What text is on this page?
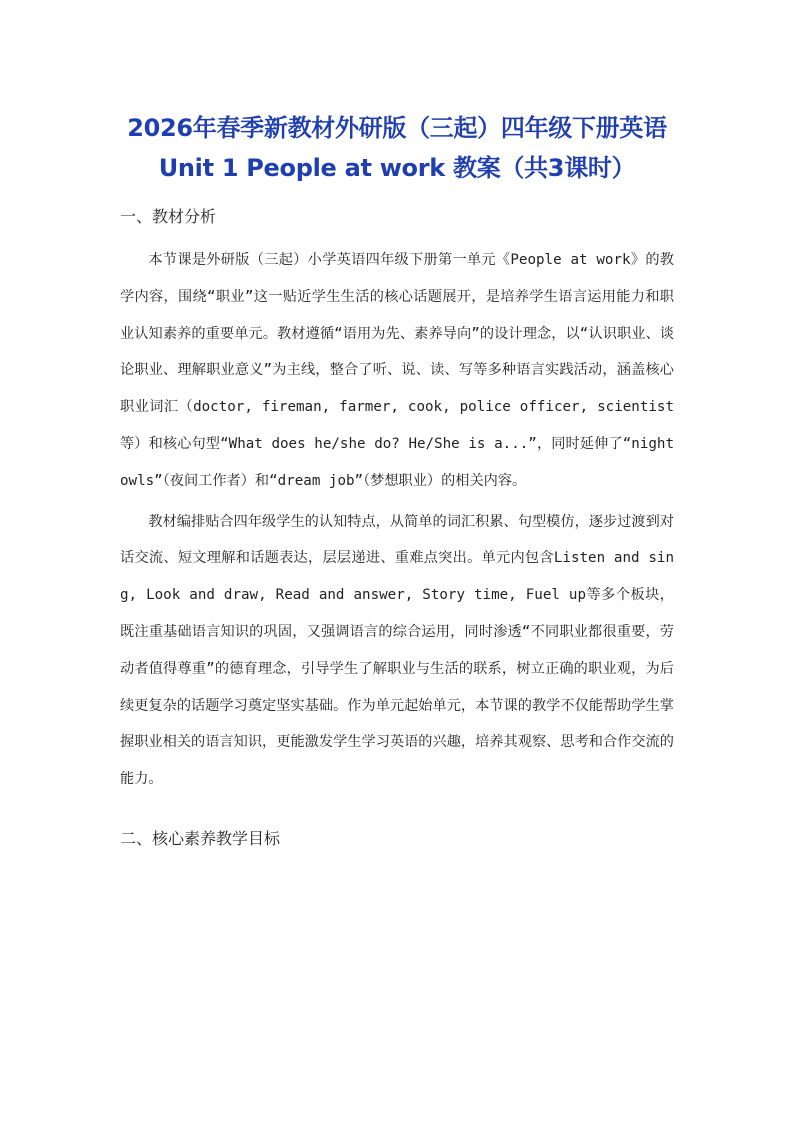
2026年春季新教材外研版（三起）四年级下册英语
Unit 1 People at work 教案（共3课时）
一、教材分析

本节课是外研版（三起）小学英语四年级下册第一单元《People at work》的教学内容，围绕“职业”这一贴近学生生活的核心话题展开，是培养学生语言运用能力和职业认知素养的重要单元。教材遵循“语用为先、素养导向”的设计理念，以“认识职业、谈论职业、理解职业意义”为主线，整合了听、说、读、写等多种语言实践活动，涵盖核心职业词汇（doctor, fireman, farmer, cook, police officer, scientist等）和核心句型“What does he/she do? He/She is a...”，同时延伸了“night owls”（夜间工作者）和“dream job”（梦想职业）的相关内容。

教材编排贴合四年级学生的认知特点，从简单的词汇积累、句型模仿，逐步过渡到对话交流、短文理解和话题表达，层层递进、重难点突出。单元内包含Listen and sing, Look and draw, Read and answer, Story time, Fuel up等多个板块，既注重基础语言知识的巩固，又强调语言的综合运用，同时渗透“不同职业都很重要，劳动者值得尊重”的德育理念，引导学生了解职业与生活的联系，树立正确的职业观，为后续更复杂的话题学习奠定坚实基础。作为单元起始单元，本节课的教学不仅能帮助学生掌握职业相关的语言知识，更能激发学生学习英语的兴趣，培养其观察、思考和合作交流的能力。

二、核心素养教学目标
